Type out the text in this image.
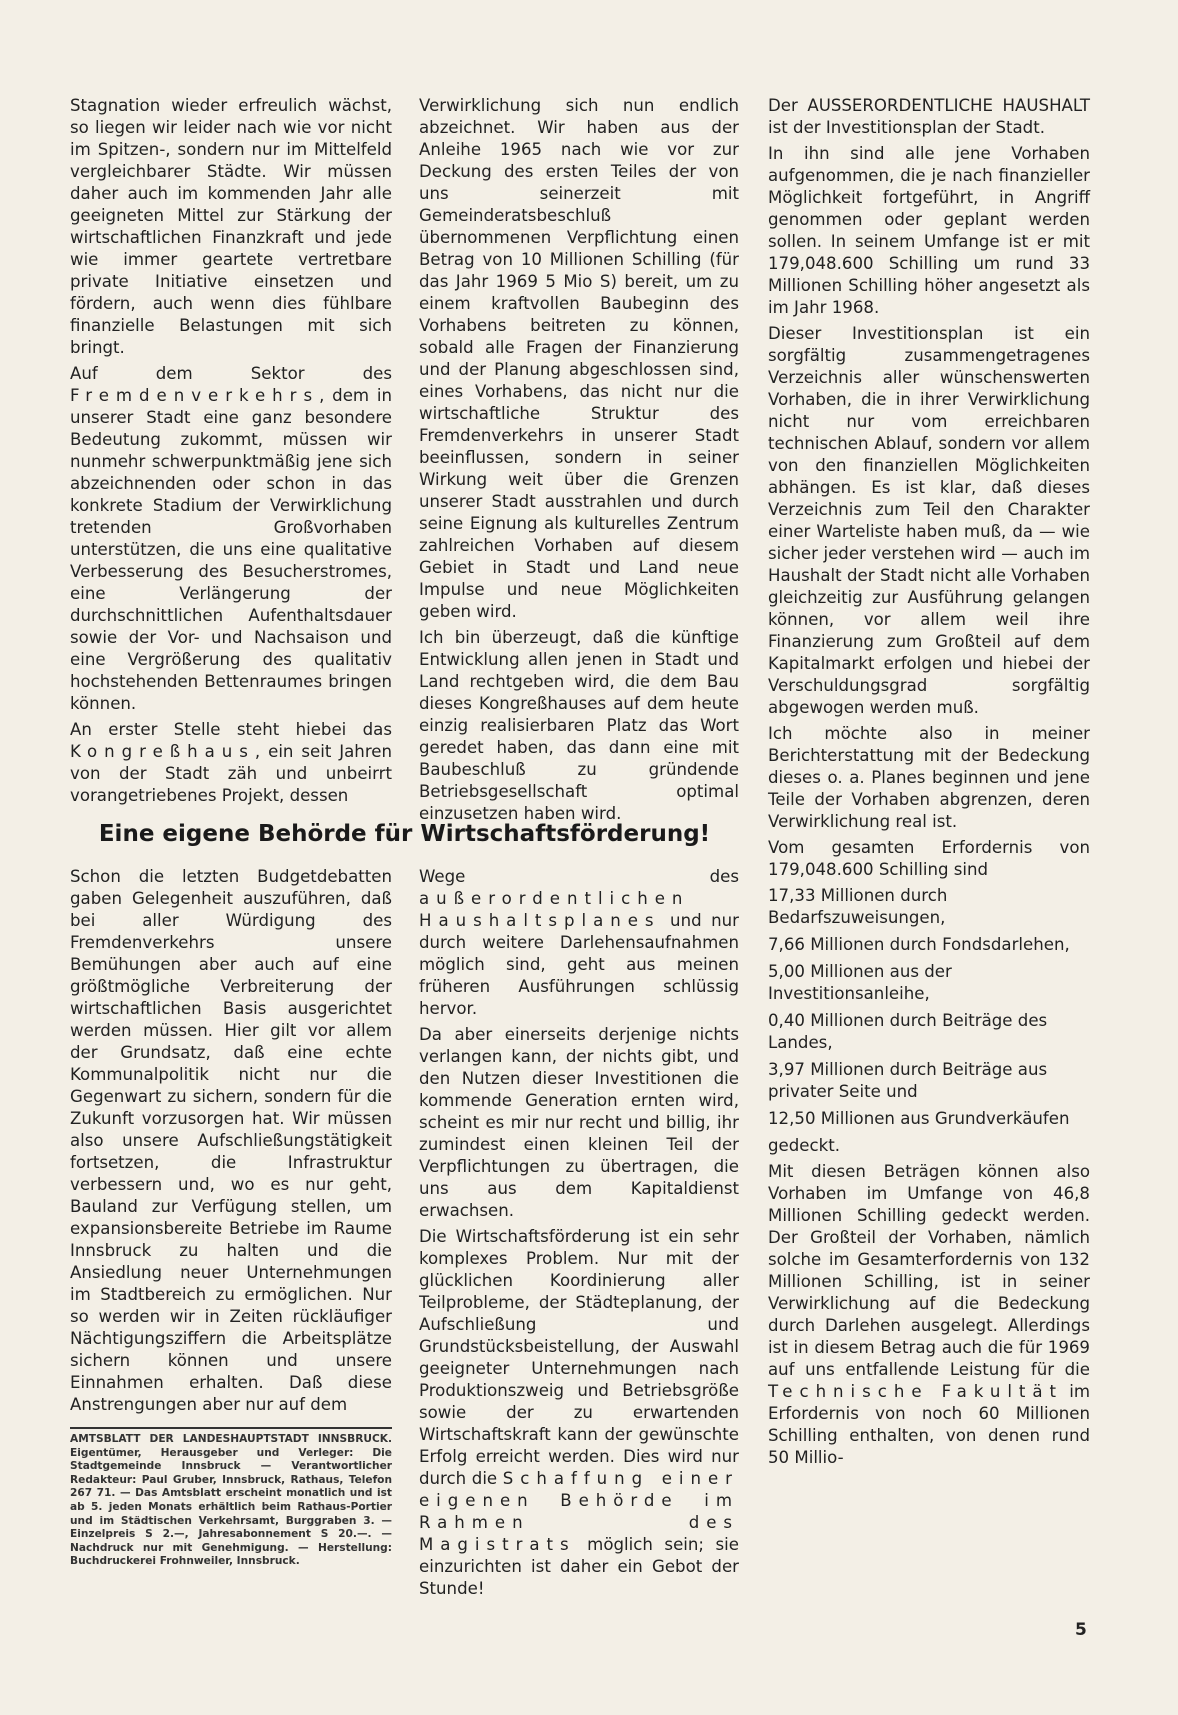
Stagnation wieder erfreulich wächst, so liegen wir leider nach wie vor nicht im Spitzen-, sondern nur im Mittelfeld vergleichbarer Städte. Wir müssen daher auch im kommenden Jahr alle geeigneten Mittel zur Stärkung der wirtschaftlichen Finanzkraft und jede wie immer geartete vertretbare private Initiative einsetzen und fördern, auch wenn dies fühlbare finanzielle Belastungen mit sich bringt.

Auf dem Sektor des Fremdenverkehrs, dem in unserer Stadt eine ganz besondere Bedeutung zukommt, müssen wir nunmehr schwerpunktmäßig jene sich abzeichnenden oder schon in das konkrete Stadium der Verwirklichung tretenden Großvorhaben unterstützen, die uns eine qualitative Verbesserung des Besucherstromes, eine Verlängerung der durchschnittlichen Aufenthaltsdauer sowie der Vor- und Nachsaison und eine Vergrößerung des qualitativ hochstehenden Bettenraumes bringen können.

An erster Stelle steht hiebei das Kongreßhaus, ein seit Jahren von der Stadt zäh und unbeirrt vorangetriebenes Projekt, dessen

Verwirklichung sich nun endlich abzeichnet. Wir haben aus der Anleihe 1965 nach wie vor zur Deckung des ersten Teiles der von uns seinerzeit mit Gemeinderatsbeschluß übernommenen Verpflichtung einen Betrag von 10 Millionen Schilling (für das Jahr 1969 5 Mio S) bereit, um zu einem kraftvollen Baubeginn des Vorhabens beitreten zu können, sobald alle Fragen der Finanzierung und der Planung abgeschlossen sind, eines Vorhabens, das nicht nur die wirtschaftliche Struktur des Fremdenverkehrs in unserer Stadt beeinflussen, sondern in seiner Wirkung weit über die Grenzen unserer Stadt ausstrahlen und durch seine Eignung als kulturelles Zentrum zahlreichen Vorhaben auf diesem Gebiet in Stadt und Land neue Impulse und neue Möglichkeiten geben wird.

Ich bin überzeugt, daß die künftige Entwicklung allen jenen in Stadt und Land rechtgeben wird, die dem Bau dieses Kongreßhauses auf dem heute einzig realisierbaren Platz das Wort geredet haben, das dann eine mit Baubeschluß zu gründende Betriebsgesellschaft optimal einzusetzen haben wird.

Eine eigene Behörde für Wirtschaftsförderung!

Schon die letzten Budgetdebatten gaben Gelegenheit auszuführen, daß bei aller Würdigung des Fremdenverkehrs unsere Bemühungen aber auch auf eine größtmögliche Verbreiterung der wirtschaftlichen Basis ausgerichtet werden müssen. Hier gilt vor allem der Grundsatz, daß eine echte Kommunalpolitik nicht nur die Gegenwart zu sichern, sondern für die Zukunft vorzusorgen hat. Wir müssen also unsere Aufschließungstätigkeit fortsetzen, die Infrastruktur verbessern und, wo es nur geht, Bauland zur Verfügung stellen, um expansionsbereite Betriebe im Raume Innsbruck zu halten und die Ansiedlung neuer Unternehmungen im Stadtbereich zu ermöglichen. Nur so werden wir in Zeiten rückläufiger Nächtigungsziffern die Arbeitsplätze sichern können und unsere Einnahmen erhalten. Daß diese Anstrengungen aber nur auf dem

AMTSBLATT DER LANDESHAUPTSTADT INNSBRUCK. Eigentümer, Herausgeber und Verleger: Die Stadtgemeinde Innsbruck — Verantwortlicher Redakteur: Paul Gruber, Innsbruck, Rathaus, Telefon 267 71. — Das Amtsblatt erscheint monatlich und ist ab 5. jeden Monats erhältlich beim Rathaus-Portier und im Städtischen Verkehrsamt, Burggraben 3. — Einzelpreis S 2.—, Jahresabonnement S 20.—. — Nachdruck nur mit Genehmigung. — Herstellung: Buchdruckerei Frohnweiler, Innsbruck.

Wege des außerordentlichen Haushaltsplanes und nur durch weitere Darlehensaufnahmen möglich sind, geht aus meinen früheren Ausführungen schlüssig hervor.

Da aber einerseits derjenige nichts verlangen kann, der nichts gibt, und den Nutzen dieser Investitionen die kommende Generation ernten wird, scheint es mir nur recht und billig, ihr zumindest einen kleinen Teil der Verpflichtungen zu übertragen, die uns aus dem Kapitaldienst erwachsen.

Die Wirtschaftsförderung ist ein sehr komplexes Problem. Nur mit der glücklichen Koordinierung aller Teilprobleme, der Städteplanung, der Aufschließung und Grundstücksbeistellung, der Auswahl geeigneter Unternehmungen nach Produktionszweig und Betriebsgröße sowie der zu erwartenden Wirtschaftskraft kann der gewünschte Erfolg erreicht werden. Dies wird nur durch die Schaffung einer eigenen Behörde im Rahmen des Magistrats möglich sein; sie einzurichten ist daher ein Gebot der Stunde!

Der AUSSERORDENTLICHE HAUSHALT ist der Investitionsplan der Stadt.

In ihn sind alle jene Vorhaben aufgenommen, die je nach finanzieller Möglichkeit fortgeführt, in Angriff genommen oder geplant werden sollen. In seinem Umfange ist er mit 179,048.600 Schilling um rund 33 Millionen Schilling höher angesetzt als im Jahr 1968.

Dieser Investitionsplan ist ein sorgfältig zusammengetragenes Verzeichnis aller wünschenswerten Vorhaben, die in ihrer Verwirklichung nicht nur vom erreichbaren technischen Ablauf, sondern vor allem von den finanziellen Möglichkeiten abhängen. Es ist klar, daß dieses Verzeichnis zum Teil den Charakter einer Warteliste haben muß, da — wie sicher jeder verstehen wird — auch im Haushalt der Stadt nicht alle Vorhaben gleichzeitig zur Ausführung gelangen können, vor allem weil ihre Finanzierung zum Großteil auf dem Kapitalmarkt erfolgen und hiebei der Verschuldungsgrad sorgfältig abgewogen werden muß.

Ich möchte also in meiner Berichterstattung mit der Bedeckung dieses o. a. Planes beginnen und jene Teile der Vorhaben abgrenzen, deren Verwirklichung real ist.

Vom gesamten Erfordernis von 179,048.600 Schilling sind

17,33 Millionen durch Bedarfszuweisungen,

7,66 Millionen durch Fondsdarlehen,

5,00 Millionen aus der Investitionsanleihe,

0,40 Millionen durch Beiträge des Landes,

3,97 Millionen durch Beiträge aus privater Seite und

12,50 Millionen aus Grundverkäufen

gedeckt.

Mit diesen Beträgen können also Vorhaben im Umfange von 46,8 Millionen Schilling gedeckt werden. Der Großteil der Vorhaben, nämlich solche im Gesamterfordernis von 132 Millionen Schilling, ist in seiner Verwirklichung auf die Bedeckung durch Darlehen ausgelegt. Allerdings ist in diesem Betrag auch die für 1969 auf uns entfallende Leistung für die Technische Fakultät im Erfordernis von noch 60 Millionen Schilling enthalten, von denen rund 50 Millio-

5
